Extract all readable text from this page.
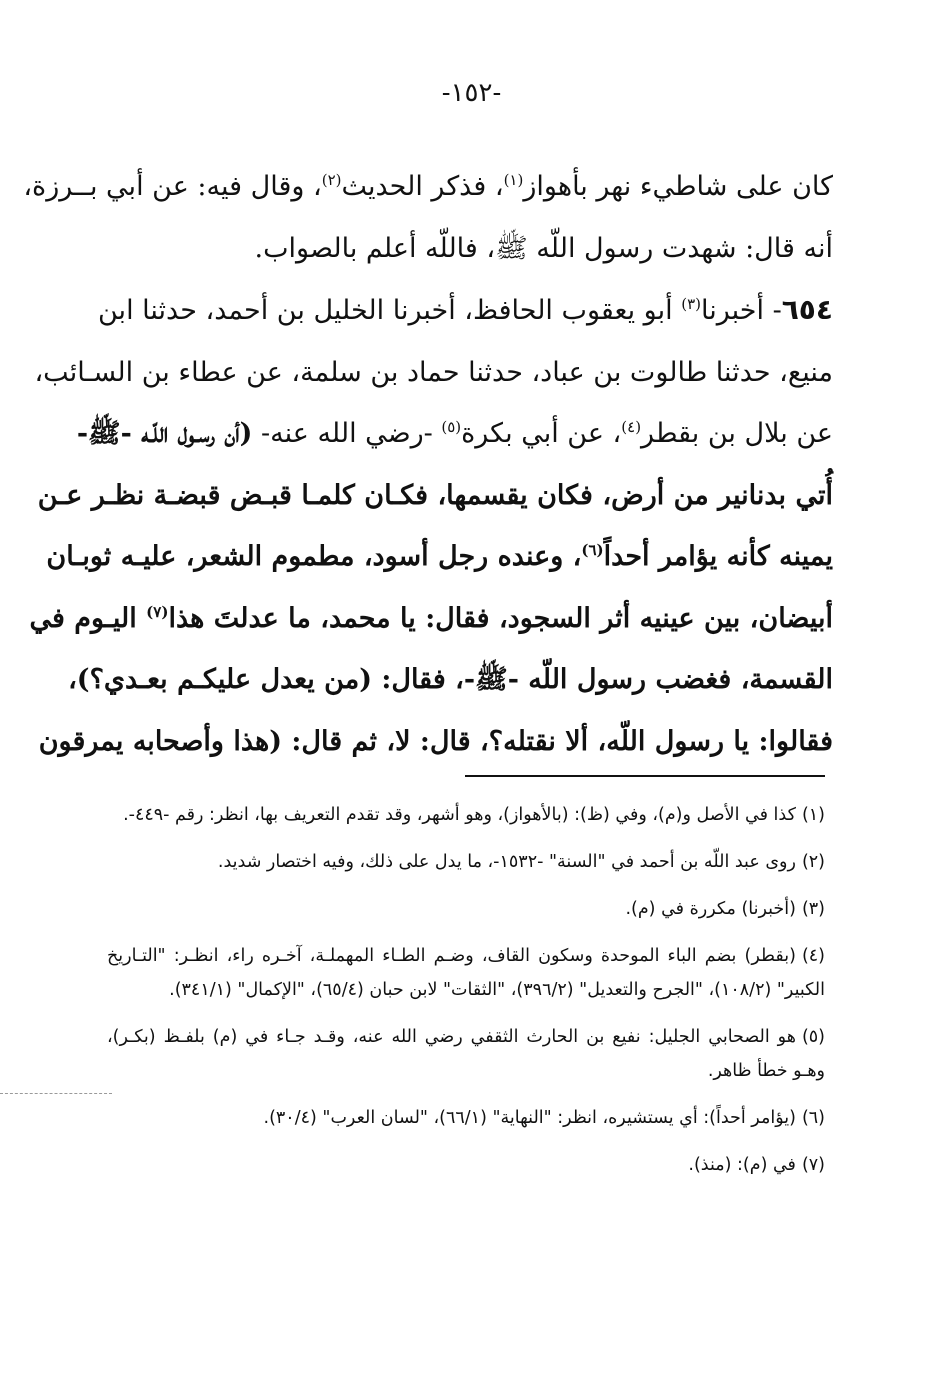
-١٥٢-
كان على شاطيء نهر بأهواز$^{(١)}$، فذكر الحديث$^{(٢)}$، وقال فيه: عن أبي بــرزة،
أنه قال: شهدت رسول اللّه ﷺ، فاللّه أعلم بالصواب.
٦٥٤- أخبرنا$^{(٣)}$ أبو يعقوب الحافظ، أخبرنا الخليل بن أحمد، حدثنا ابن
منيع، حدثنا طالوت بن عباد، حدثنا حماد بن سلمة، عن عطاء بن السـائب،
عن بلال بن بقطر$^{(٤)}$، عن أبي بكرة$^{(٥)}$ -رضي الله عنه- (أن رسـول اللّـه -ﷺ-
أُتي بدنانير من أرض، فكان يقسمها، فكـان كلمـا قبـض قبضـة نظـر عـن
يمينه كأنه يؤامر أحداً$^{(٦)}$، وعنده رجل أسود، مطموم الشعر، عليـه ثوبـان
أبيضان، بين عينيه أثر السجود، فقال: يا محمد، ما عدلتَ هذا$^{(٧)}$ اليـوم في
القسمة، فغضب رسول اللّه -ﷺ-، فقال: (من يعدل عليكـم بعـدي؟)،
فقالوا: يا رسول اللّه، ألا نقتله؟، قال: لا، ثم قال: (هذا وأصحابه يمرقون
(١)كذا في الأصل و(م)، وفي (ظ): (بالأهواز)، وهو أشهر، وقد تقدم التعريف بها، انظر: رقم -٤٤٩-.
(٢)روى عبد اللّه بن أحمد في "السنة" -١٥٣٢-، ما يدل على ذلك، وفيه اختصار شديد.
(٣)(أخبرنا) مكررة في (م).
(٤)(بقطر) بضم الباء الموحدة وسكون القاف، وضـم الطـاء المهملـة، آخـره راء، انظـر: "التـاريخ الكبير" (١٠٨/٢)، "الجرح والتعديل" (٣٩٦/٢)، "الثقات" لابن حبان (٦٥/٤)، "الإكمال" (٣٤١/١).
(٥)هو الصحابي الجليل: نفيع بن الحارث الثقفي رضي الله عنه، وقـد جـاء في (م) بلفـظ (بكـر)، وهـو خطأ ظاهر.
(٦)(يؤامر أحداً): أي يستشيره، انظر: "النهاية" (٦٦/١)، "لسان العرب" (٣٠/٤).
(٧)في (م): (منذ).
